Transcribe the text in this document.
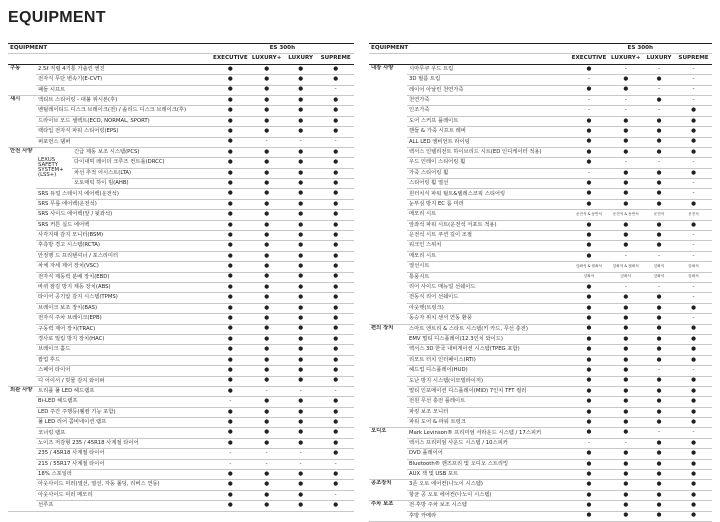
EQUIPMENT
EQUIPMENT			ES 300h			
			EXECUTIVE	LUXURY+	LUXURY	SUPREME
구동	2.5ℓ 직렬 4기통 가솔린 엔진		●	●	●	●
	전자식 무단 변속기(E-CVT)		●	●	●	●
	패들 시프트		●	●	●	-
섀시	액티브 스티어링 - 대불 위시본(후)		●	●	●	●
	벤틸레이티드 디스크 브레이크(전) / 솔리드 디스크 브레이크(후)		●	●	●	●
	드라이브 모드 셀렉트(ECO, NORMAL, SPORT)		●	●	●	●
	랙타입 전자식 파워 스티어링(EPS)		●	●	●	●
	퍼포먼스 댐퍼		●	-	-	-
안전 사양	LEXUS SAFETY SYSTEM+ (LSS+)	긴급 제동 보조 시스템(PCS)	●	●	●	●
		다이내믹 레이더 크루즈 컨트롤(DRCC)	●	●	●	●
		차선 추적 어시스트(LTA)	●	●	●	●
		오토매틱 하이 빔(AHB)	●	●	●	●
	SRS 듀얼 스테이지 에어백(운전석)		●	●	●	●
	SRS 무릎 에어백(운전석)		●	●	●	●
	SRS 사이드 에어백(앞 / 뒷좌석)		●	●	●	●
	SRS 커튼 실드 에어백		●	●	●	●
	사각지대 감지 모니터(BSM)		●	●	●	●
	후측방 경고 시스템(RCTA)		●	●	●	●
	안정행 드 프리텐셔너 / 포스리미터		●	●	●	●
	차체 자세 제어 장치(VSC)		●	●	●	●
	전자식 제동력 분배 장치(EBD)		●	●	●	●
	바퀴 잠김 방지 제동 장치(ABS)		●	●	●	●
	타이어 공기압 감지 시스템(TPMS)		●	●	●	●
	브레이크 보조 장치(BAS)		●	●	●	●
	전자식 주차 브레이크(EPB)		●	●	●	●
	구동력 제어 장치(TRAC)		●	●	●	●
	경사로 밀림 방지 장치(HAC)		●	●	●	●
	브레이크 홀드		●	●	●	●
	팝업 후드		●	●	●	●
	스페어 타이어		●	●	●	●
	디 어이서 / 빗물 감지 와이퍼		●	●	●	●
외관 사양	트리플 풀 LED 헤드램프		●	-	-	-
	Bi-LED 헤드램프		-	●	●	●
	LED 주간 주행등(웰컴 기능 포함)		●	●	●	●
	풀 LED 리어 콤비네이션 램프		●	●	●	●
	코너링 램프		●	●	●	●
	노이즈 저감형 235 / 45R18 사계절 타이어		●	●	●	●
	235 / 45R18 사계절 타이어		-	-	-	●
	215 / 55R17 사계절 타이어		-	-	-	-
	18% 스포일러		●	●	●	●
	아웃사이드 미러(열선, 열선, 자동 폴딩, 리버스 연동)		●	●	●	●
	아웃사이드 미러 메모리		●	●	●	-
	선루프		●	●	●	●
EQUIPMENT		ES 300h			
		EXECUTIVE	LUXURY+	LUXURY	SUPREME
내장 사양	시마무쿠 우드 트림	●	-	-	-
	3D 필름 트림	-	●	●	-
	레이어 아날린 천연가죽	●	●	-	-
	천연가죽	-	-	●	-
	인조가죽	-	-	-	●
	도어 스커프 플레이트	●	●	●	●
	핸들 & 가죽 시프트 레버	●	●	●	●
	ALL LED 앰비언트 라이팅	●	●	●	●
	렉서스 인텔리전트 하이브리드 시트(ED 인디케이터 적용)	●	●	●	●
	우드 인레이 스티어링 휠	●	-	-	-
	가죽 스티어링 휠	-	●	●	●
	스티어링 휠 열선	●	●	●	-
	원터치식 파워 틸트&텔레스코픽 스티어링	●	●	●	-
	눈부심 방지 EC 룸 미러	●	●	●	●
	메모리 시트	운전석 & 동반석	운전석 & 동반석	운전석	운전석
	앞좌석 파워 시트(운전석 서포트 적용)	●	●	●	●
	운전석 시트 쿠션 길이 조절	●	●	●	-
	워크인 스위치	●	●	●	-
	메모리 시트	●	-	-	-
	열선시트	앞좌석 & 뒷좌석	앞좌석 & 뒷좌석	앞좌석	앞좌석
	통풍시트	앞좌석	앞좌석	앞좌석	앞좌석
	리어 사이드 매뉴얼 선쉐이드	●	-	-	-
	전동식 리어 선쉐이드	●	●	●	-
	아웃렛(트렁크)	●	●	●	●
	동승자 위치 센서 연동 환풍	●	●	●	-
편의 장치	스마트 엔트리 & 스타트 시스템(키 카드, 무선 충전)	●	●	●	●
	EMV 멀티 디스플레이(12.3인치 와이드)	●	●	●	●
	렉서스 3D 한국 내비게이션 시스템(TPEG 포함)	●	●	●	●
	리모트 터치 인터페이스(RTI)	●	●	●	●
	헤드업 디스플레이(HUD)	●	●	-	-
	도난 방지 시스템(이모빌라이저)	●	●	●	●
	멀티 인포메이션 디스플레이(MID) 7인치 TFT 컬러	●	●	●	●
	전원 무선 충전 플레이트	●	●	●	●
	파킹 보조 모니터	●	●	●	●
	파워 도어 & 파워 트렁크	●	●	●	●
오디오	Mark Levinson® 프리미엄 서라운드 시스템 / 17스피커	●	●	-	-
	렉서스 프리미엄 사운드 시스템 / 10스피커	-	-	●	●
	DVD 플레이어	●	●	●	●
	Bluetooth® 핸즈프리 및 오디오 스트리밍	●	●	●	●
	AUX 잭 및 USB 포트	●	●	●	●
공조장치	3존 오토 에어컨(나노이 시스템)	●	●	●	●
	항균 공 오토 에어컨(나노이 시스템)	●	●	●	●
주차 보조	전·후방 주차 보조 시스템	●	●	●	●
	후방 카메라	●	●	●	●
